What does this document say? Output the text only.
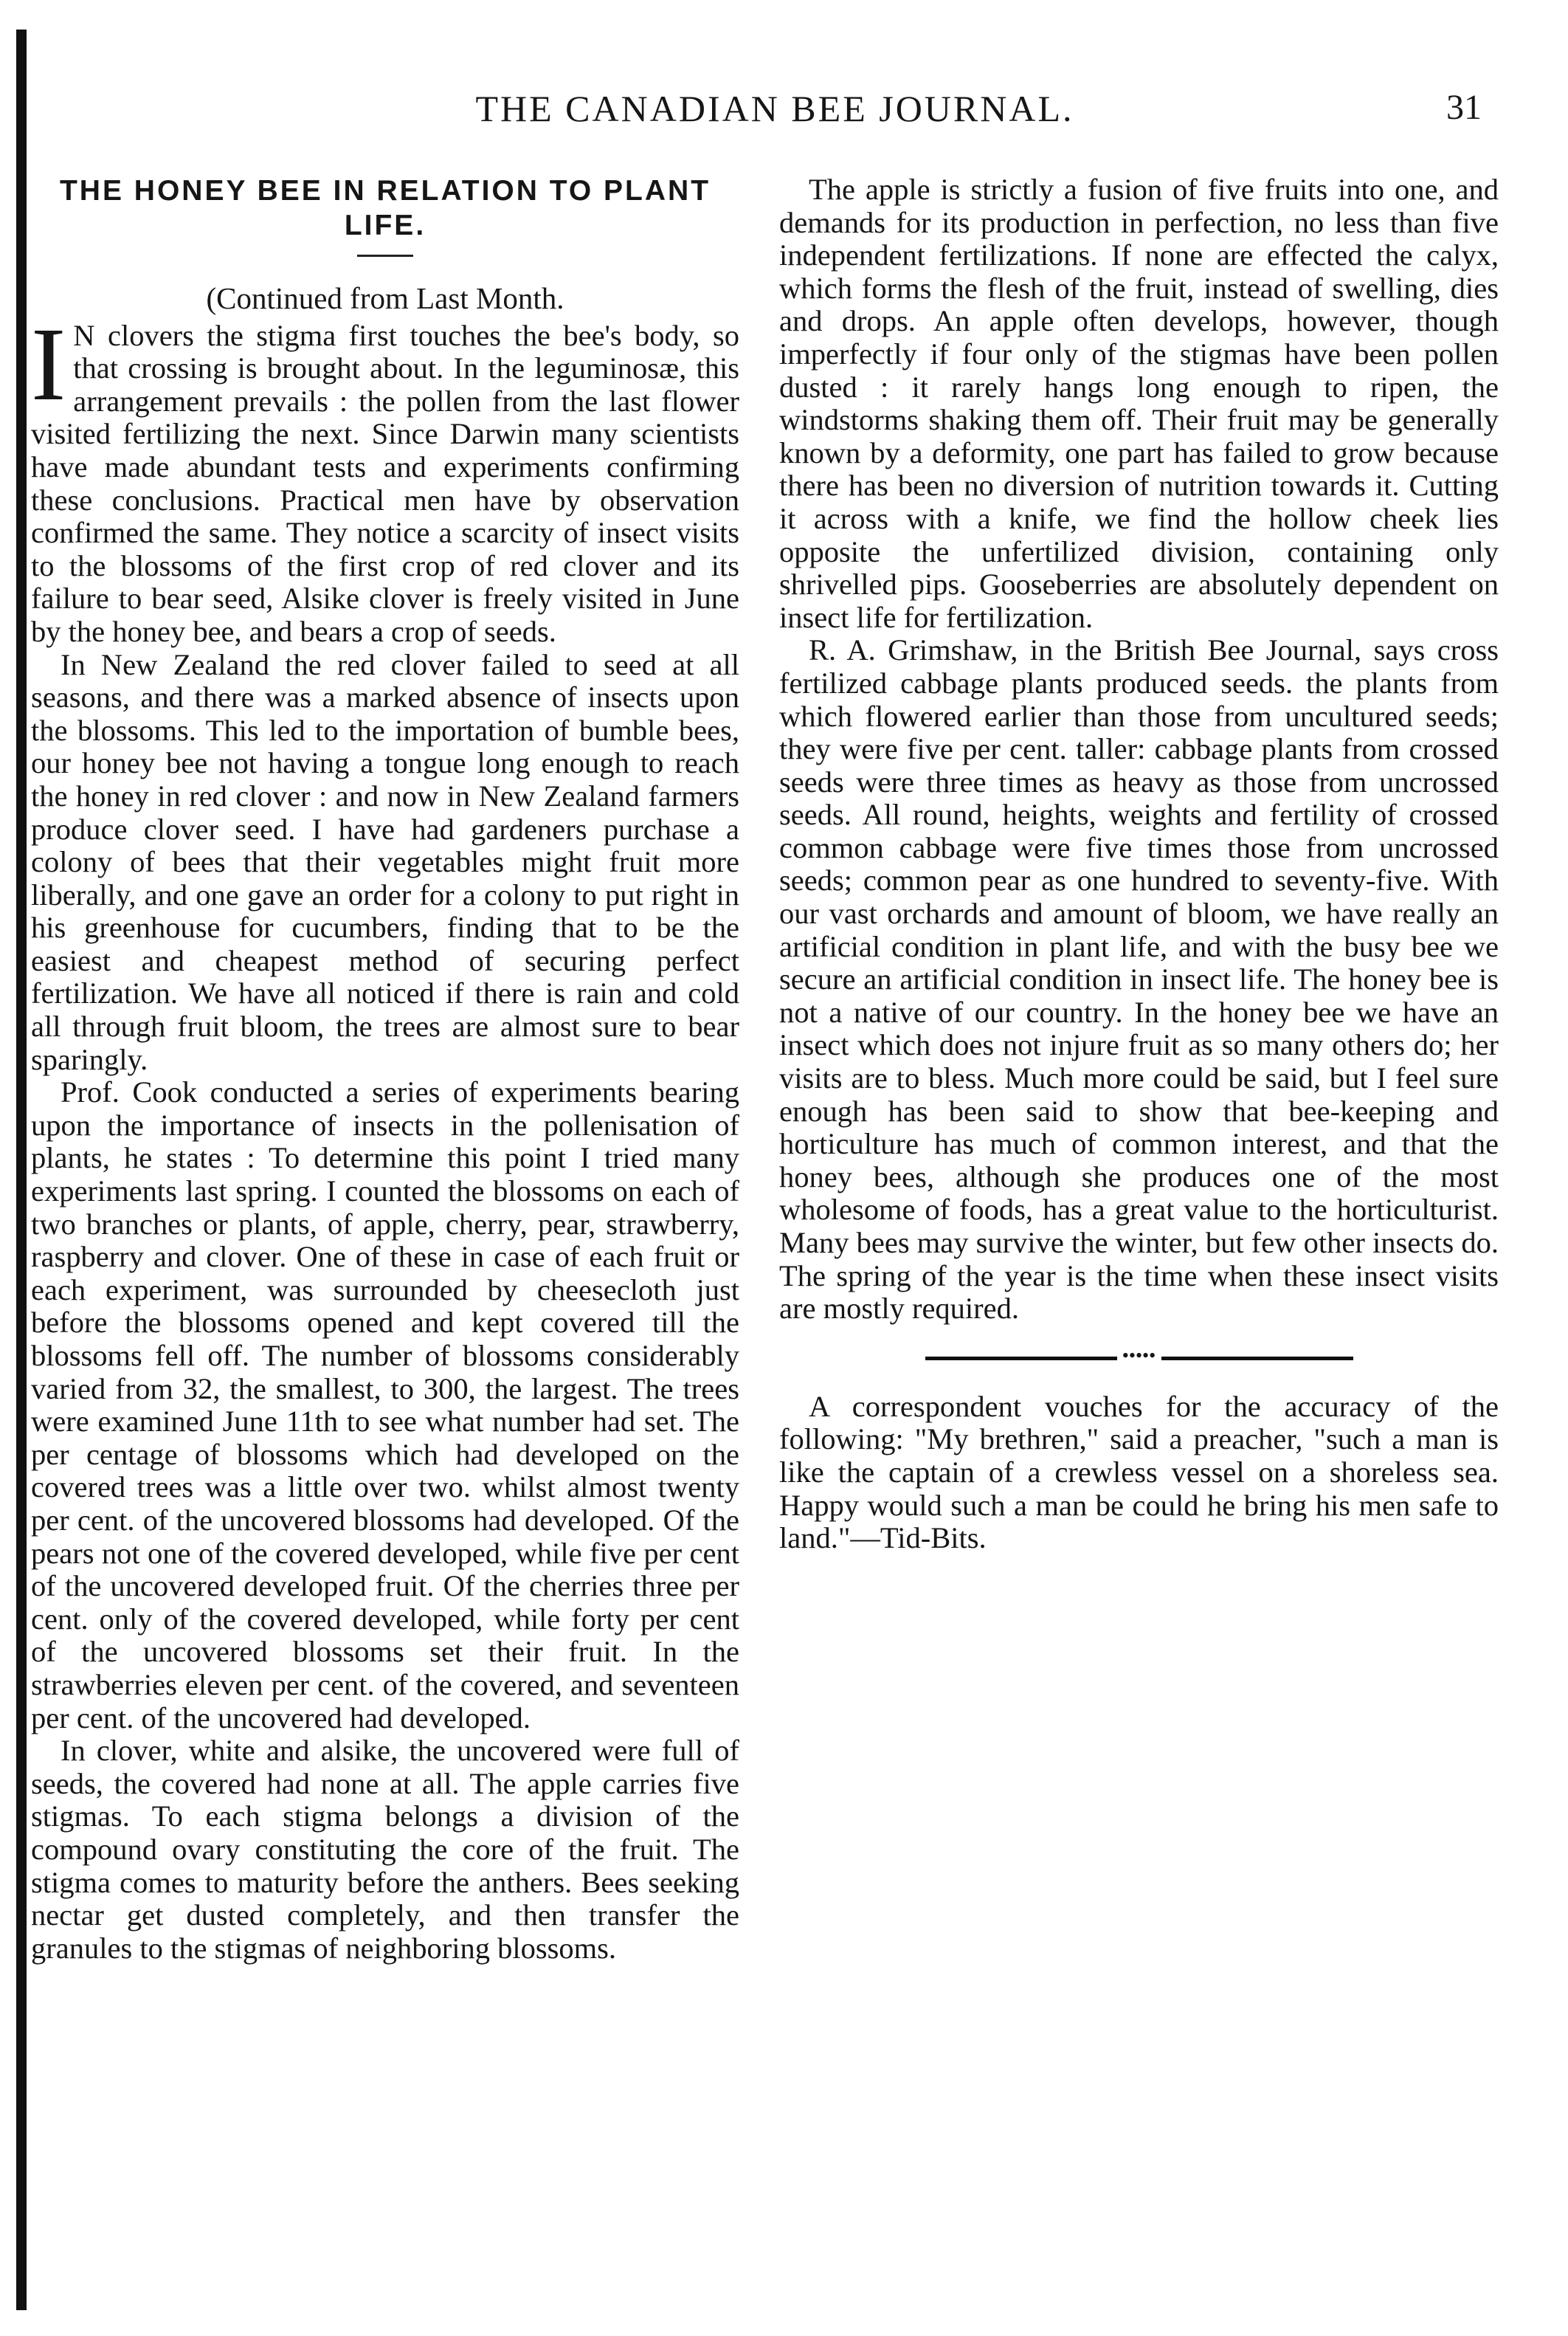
THE CANADIAN BEE JOURNAL.	31
THE HONEY BEE IN RELATION TO PLANT LIFE.
(Continued from Last Month.

I N clovers the stigma first touches the bee's body, so that crossing is brought about. In the leguminosæ, this arrangement prevails : the pollen from the last flower visited fertilizing the next. Since Darwin many scientists have made abundant tests and experiments confirming these conclusions. Practical men have by observation confirmed the same. They notice a scarcity of insect visits to the blossoms of the first crop of red clover and its failure to bear seed, Alsike clover is freely visited in June by the honey bee, and bears a crop of seeds.

In New Zealand the red clover failed to seed at all seasons, and there was a marked absence of insects upon the blossoms. This led to the importation of bumble bees, our honey bee not having a tongue long enough to reach the honey in red clover : and now in New Zealand farmers produce clover seed. I have had gardeners purchase a colony of bees that their vegetables might fruit more liberally, and one gave an order for a colony to put right in his greenhouse for cucumbers, finding that to be the easiest and cheapest method of securing perfect fertilization. We have all noticed if there is rain and cold all through fruit bloom, the trees are almost sure to bear sparingly.

Prof. Cook conducted a series of experiments bearing upon the importance of insects in the pollenisation of plants, he states : To determine this point I tried many experiments last spring. I counted the blossoms on each of two branches or plants, of apple, cherry, pear, strawberry, raspberry and clover. One of these in case of each fruit or each experiment, was surrounded by cheesecloth just before the blossoms opened and kept covered till the blossoms fell off. The number of blossoms considerably varied from 32, the smallest, to 300, the largest. The trees were examined June 11th to see what number had set. The per centage of blossoms which had developed on the covered trees was a little over two. whilst almost twenty per cent. of the uncovered blossoms had developed. Of the pears not one of the covered developed, while five per cent of the uncovered developed fruit. Of the cherries three per cent. only of the covered developed, while forty per cent of the uncovered blossoms set their fruit. In the strawberries eleven per cent. of the covered, and seventeen per cent. of the uncovered had developed.

In clover, white and alsike, the uncovered were full of seeds, the covered had none at all. The apple carries five stigmas. To each stigma belongs a division of the compound ovary constituting the core of the fruit. The stigma comes to maturity before the anthers. Bees seeking nectar get dusted completely, and then transfer the granules to the stigmas of neighboring blossoms.

The apple is strictly a fusion of five fruits into one, and demands for its production in perfection, no less than five independent fertilizations. If none are effected the calyx, which forms the flesh of the fruit, instead of swelling, dies and drops. An apple often develops, however, though imperfectly if four only of the stigmas have been pollen dusted : it rarely hangs long enough to ripen, the windstorms shaking them off. Their fruit may be generally known by a deformity, one part has failed to grow because there has been no diversion of nutrition towards it. Cutting it across with a knife, we find the hollow cheek lies opposite the unfertilized division, containing only shrivelled pips. Gooseberries are absolutely dependent on insect life for fertilization.

R. A. Grimshaw, in the British Bee Journal, says cross fertilized cabbage plants produced seeds. the plants from which flowered earlier than those from uncultured seeds; they were five per cent. taller: cabbage plants from crossed seeds were three times as heavy as those from uncrossed seeds. All round, heights, weights and fertility of crossed common cabbage were five times those from uncrossed seeds; common pear as one hundred to seventy-five. With our vast orchards and amount of bloom, we have really an artificial condition in plant life, and with the busy bee we secure an artificial condition in insect life. The honey bee is not a native of our country. In the honey bee we have an insect which does not injure fruit as so many others do; her visits are to bless. Much more could be said, but I feel sure enough has been said to show that bee-keeping and horticulture has much of common interest, and that the honey bees, although she produces one of the most wholesome of foods, has a great value to the horticulturist. Many bees may survive the winter, but few other insects do. The spring of the year is the time when these insect visits are mostly required.

•••••

A correspondent vouches for the accuracy of the following: "My brethren," said a preacher, "such a man is like the captain of a crewless vessel on a shoreless sea. Happy would such a man be could he bring his men safe to land."—Tid-Bits.
